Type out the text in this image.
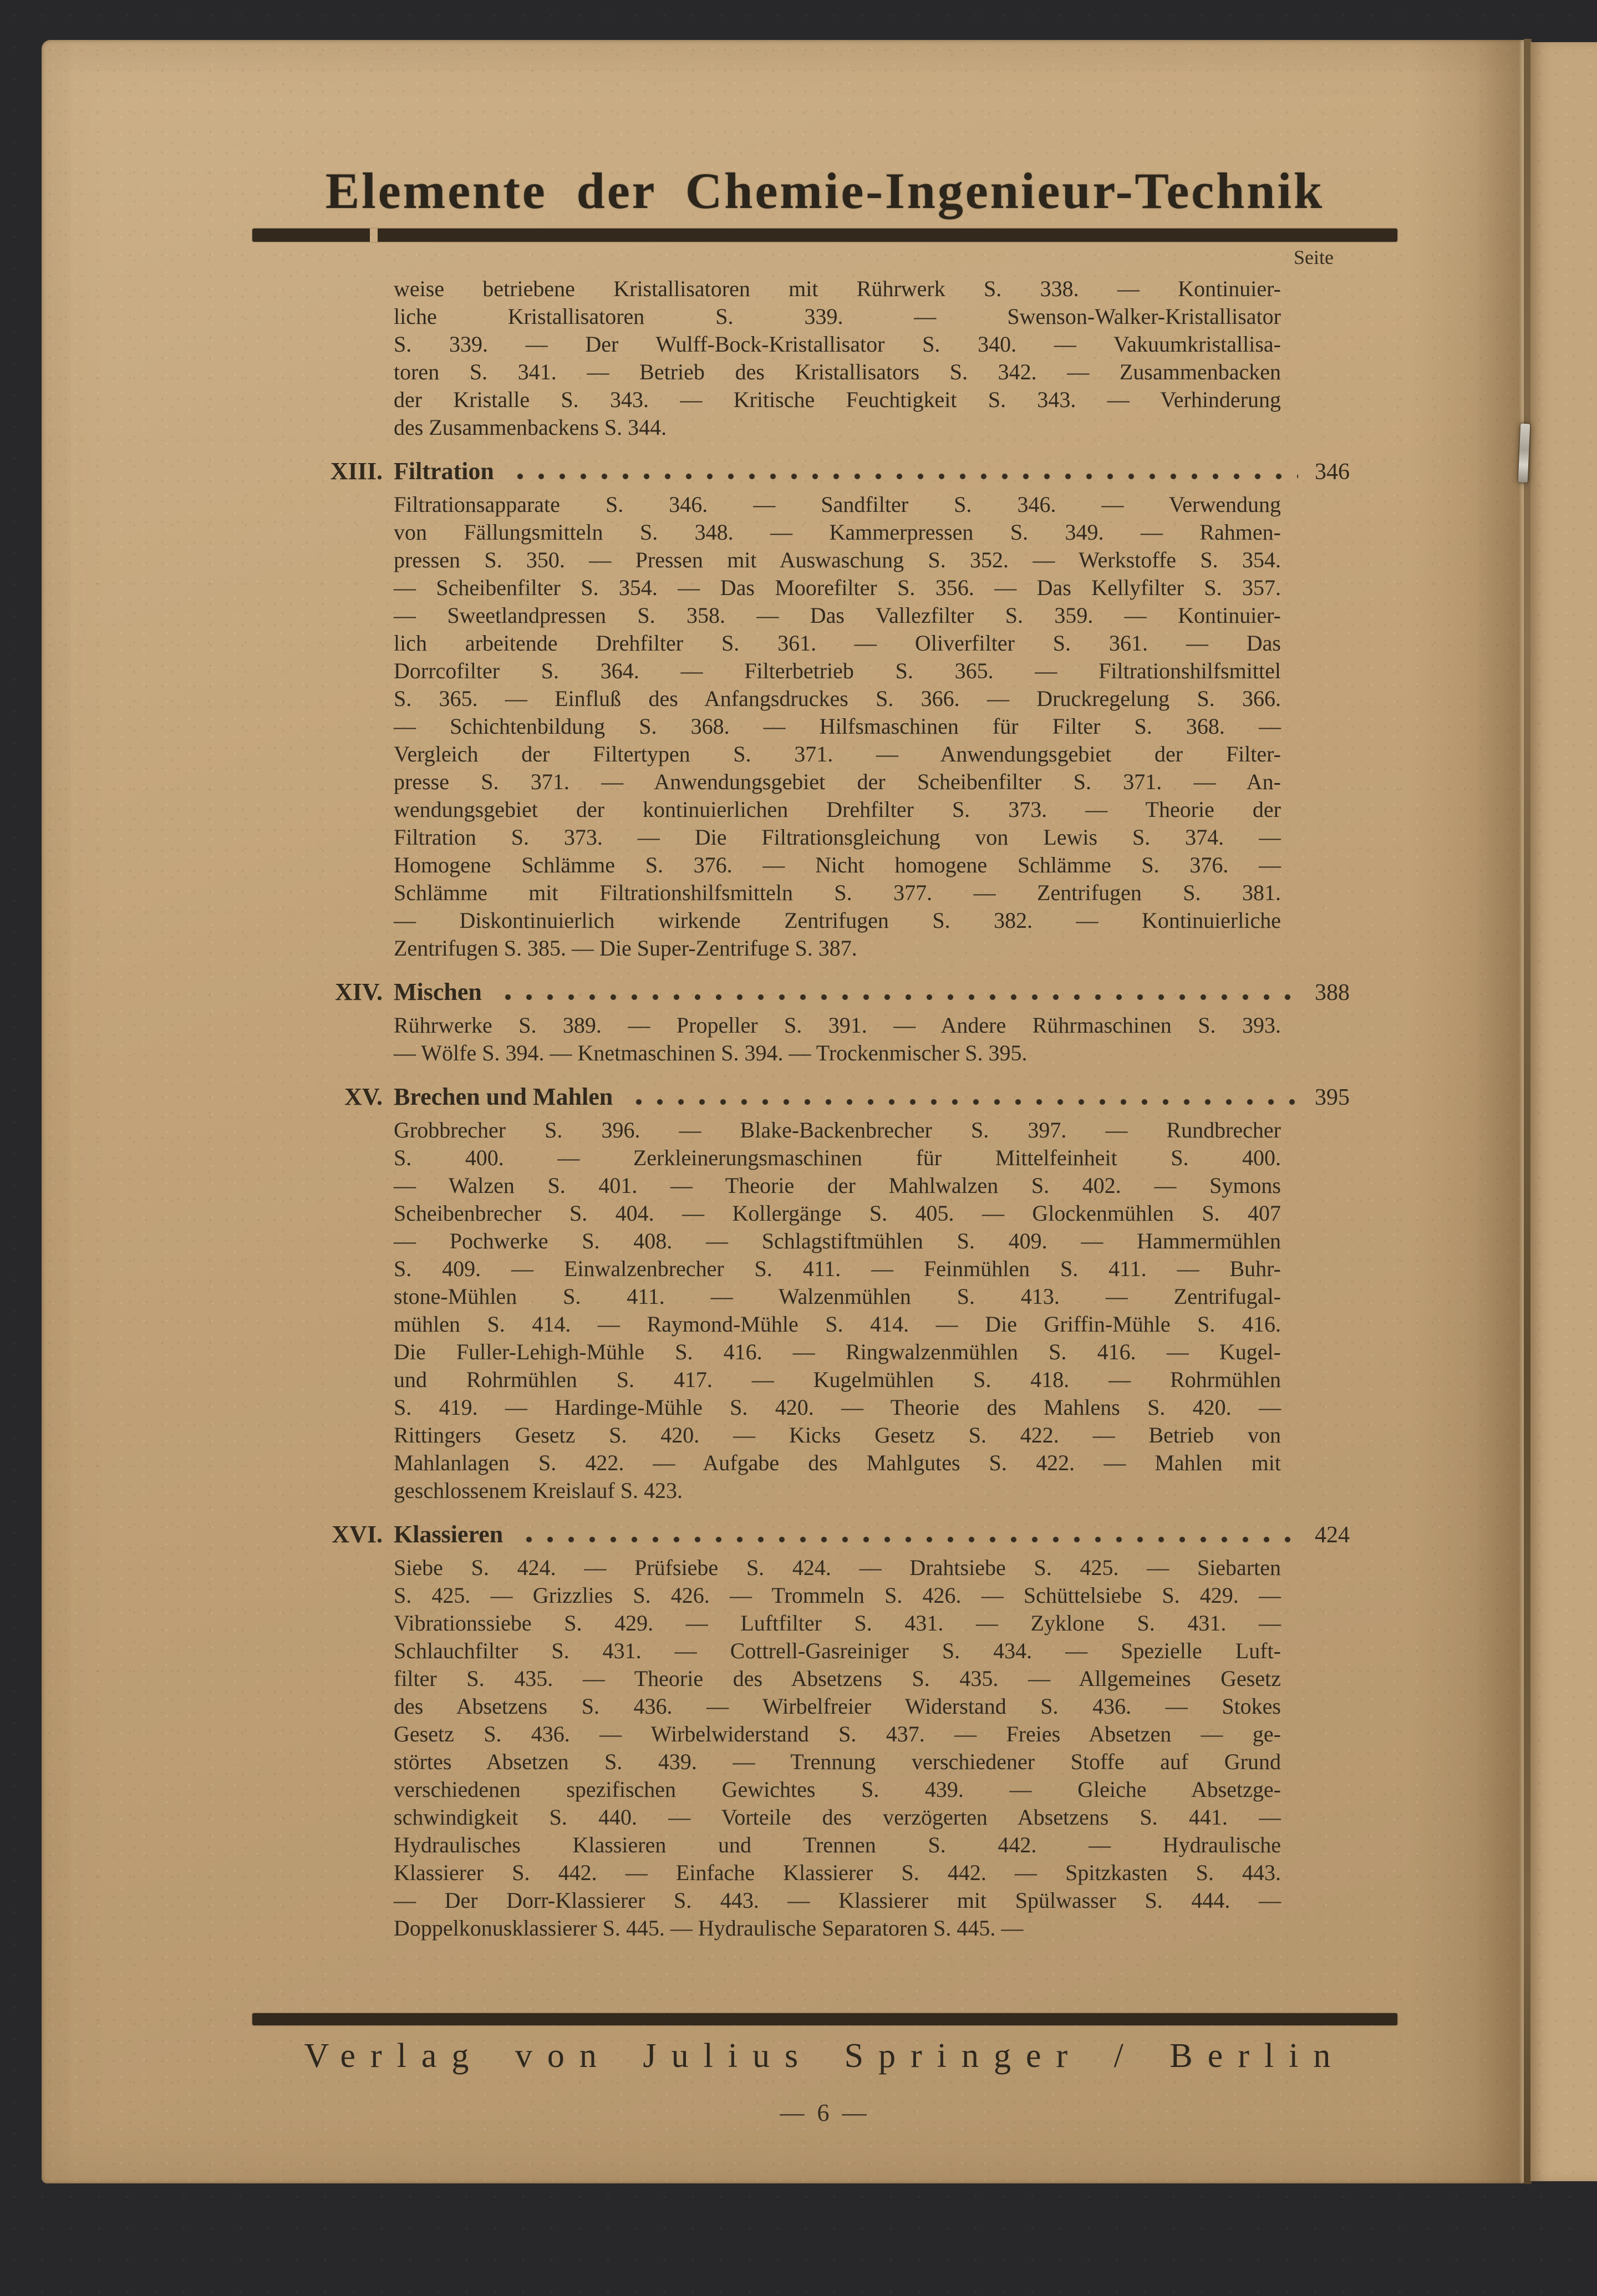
Elemente der Chemie-Ingenieur-Technik
Seite
weise betriebene Kristallisatoren mit Rührwerk S. 338. — Kontinuier-
liche Kristallisatoren S. 339. — Swenson-Walker-Kristallisator
S. 339. — Der Wulff-Bock-Kristallisator S. 340. — Vakuumkristallisa-
toren S. 341. — Betrieb des Kristallisators S. 342. — Zusammenbacken
der Kristalle S. 343. — Kritische Feuchtigkeit S. 343. — Verhinderung
des Zusammenbackens S. 344.
XIII. Filtration	346
Filtrationsapparate S. 346. — Sandfilter S. 346. — Verwendung
von Fällungsmitteln S. 348. — Kammerpressen S. 349. — Rahmen-
pressen S. 350. — Pressen mit Auswaschung S. 352. — Werkstoffe S. 354.
— Scheibenfilter S. 354. — Das Moorefilter S. 356. — Das Kellyfilter S. 357.
— Sweetlandpressen S. 358. — Das Vallezfilter S. 359. — Kontinuier-
lich arbeitende Drehfilter S. 361. — Oliverfilter S. 361. — Das
Dorrcofilter S. 364. — Filterbetrieb S. 365. — Filtrationshilfsmittel
S. 365. — Einfluß des Anfangsdruckes S. 366. — Druckregelung S. 366.
— Schichtenbildung S. 368. — Hilfsmaschinen für Filter S. 368. —
Vergleich der Filtertypen S. 371. — Anwendungsgebiet der Filter-
presse S. 371. — Anwendungsgebiet der Scheibenfilter S. 371. — An-
wendungsgebiet der kontinuierlichen Drehfilter S. 373. — Theorie der
Filtration S. 373. — Die Filtrationsgleichung von Lewis S. 374. —
Homogene Schlämme S. 376. — Nicht homogene Schlämme S. 376. —
Schlämme mit Filtrationshilfsmitteln S. 377. — Zentrifugen S. 381.
— Diskontinuierlich wirkende Zentrifugen S. 382. — Kontinuierliche
Zentrifugen S. 385. — Die Super-Zentrifuge S. 387.
XIV. Mischen	388
Rührwerke S. 389. — Propeller S. 391. — Andere Rührmaschinen S. 393.
— Wölfe S. 394. — Knetmaschinen S. 394. — Trockenmischer S. 395.
XV. Brechen und Mahlen	395
Grobbrecher S. 396. — Blake-Backenbrecher S. 397. — Rundbrecher
S. 400. — Zerkleinerungsmaschinen für Mittelfeinheit S. 400.
— Walzen S. 401. — Theorie der Mahlwalzen S. 402. — Symons
Scheibenbrecher S. 404. — Kollergänge S. 405. — Glockenmühlen S. 407
— Pochwerke S. 408. — Schlagstiftmühlen S. 409. — Hammermühlen
S. 409. — Einwalzenbrecher S. 411. — Feinmühlen S. 411. — Buhr-
stone-Mühlen S. 411. — Walzenmühlen S. 413. — Zentrifugal-
mühlen S. 414. — Raymond-Mühle S. 414. — Die Griffin-Mühle S. 416.
Die Fuller-Lehigh-Mühle S. 416. — Ringwalzenmühlen S. 416. — Kugel-
und Rohrmühlen S. 417. — Kugelmühlen S. 418. — Rohrmühlen
S. 419. — Hardinge-Mühle S. 420. — Theorie des Mahlens S. 420. —
Rittingers Gesetz S. 420. — Kicks Gesetz S. 422. — Betrieb von
Mahlanlagen S. 422. — Aufgabe des Mahlgutes S. 422. — Mahlen mit
geschlossenem Kreislauf S. 423.
XVI. Klassieren	424
Siebe S. 424. — Prüfsiebe S. 424. — Drahtsiebe S. 425. — Siebarten
S. 425. — Grizzlies S. 426. — Trommeln S. 426. — Schüttelsiebe S. 429. —
Vibrationssiebe S. 429. — Luftfilter S. 431. — Zyklone S. 431. —
Schlauchfilter S. 431. — Cottrell-Gasreiniger S. 434. — Spezielle Luft-
filter S. 435. — Theorie des Absetzens S. 435. — Allgemeines Gesetz
des Absetzens S. 436. — Wirbelfreier Widerstand S. 436. — Stokes
Gesetz S. 436. — Wirbelwiderstand S. 437. — Freies Absetzen — ge-
störtes Absetzen S. 439. — Trennung verschiedener Stoffe auf Grund
verschiedenen spezifischen Gewichtes S. 439. — Gleiche Absetzge-
schwindigkeit S. 440. — Vorteile des verzögerten Absetzens S. 441. —
Hydraulisches Klassieren und Trennen S. 442. — Hydraulische
Klassierer S. 442. — Einfache Klassierer S. 442. — Spitzkasten S. 443.
— Der Dorr-Klassierer S. 443. — Klassierer mit Spülwasser S. 444. —
Doppelkonusklassierer S. 445. — Hydraulische Separatoren S. 445. —
Verlag von Julius Springer / Berlin
— 6 —
